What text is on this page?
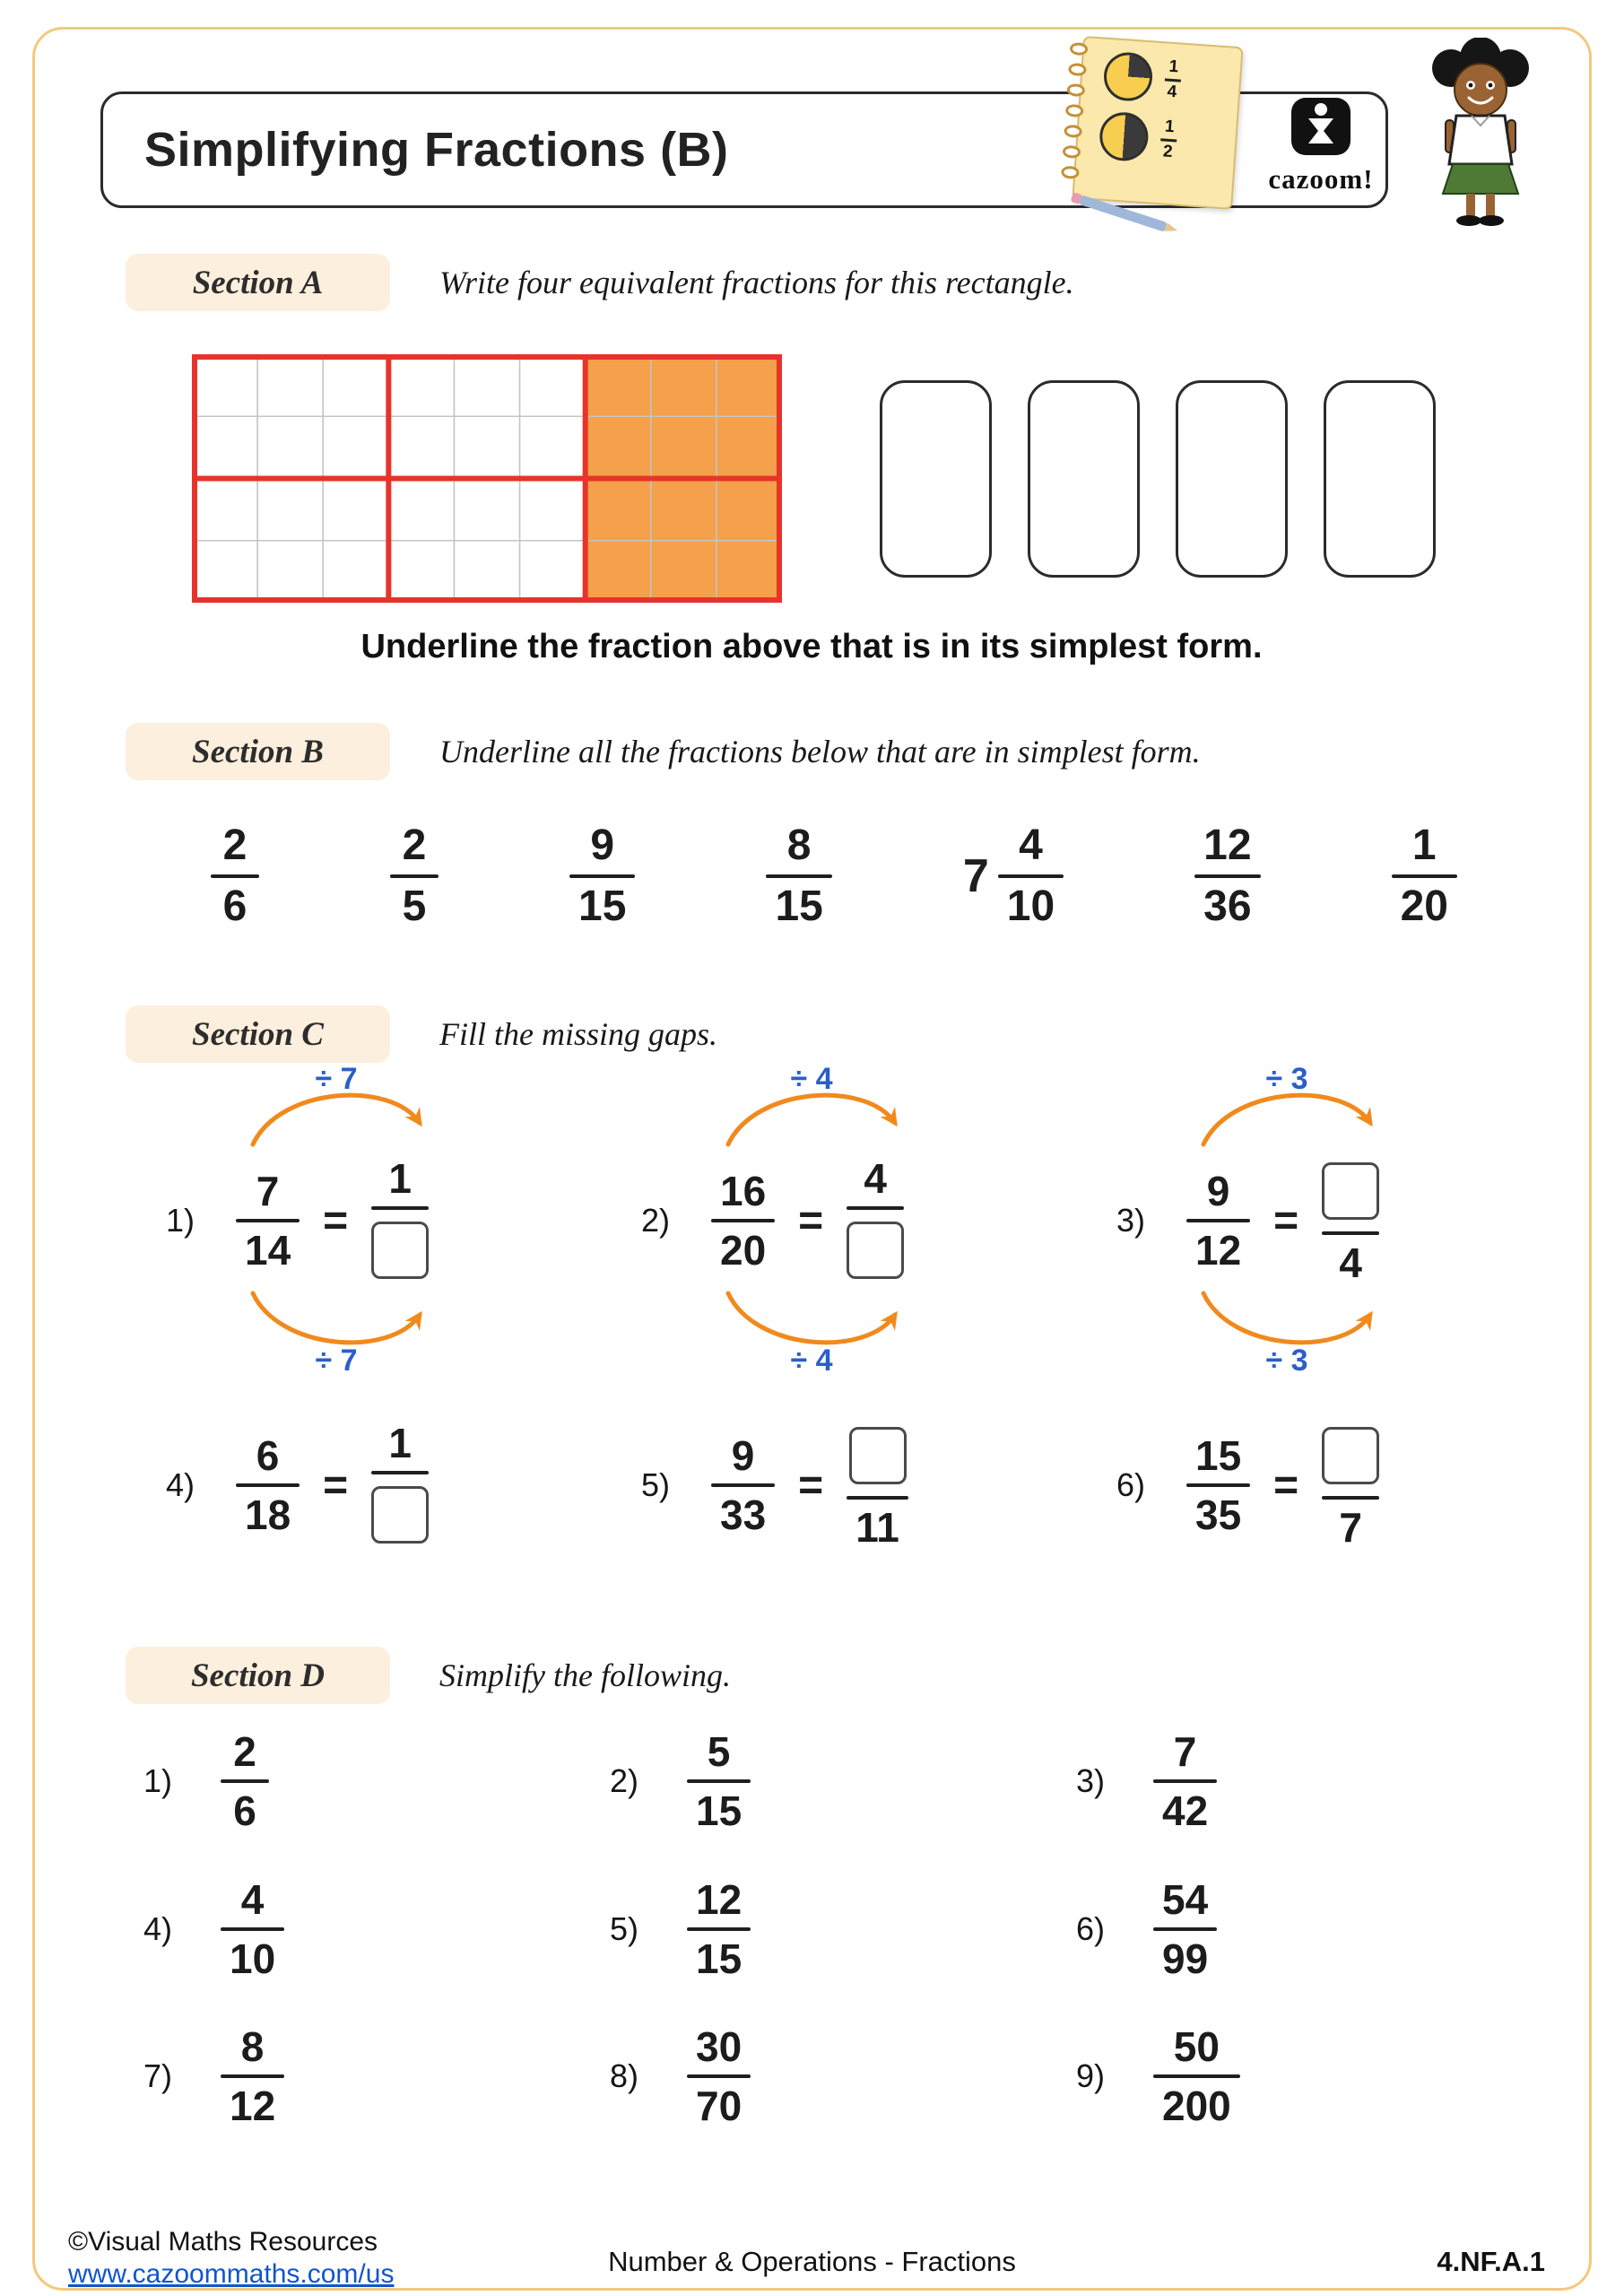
Simplifying Fractions (B)
1
4
1
2
cazoom!
Section A	Write four equivalent fractions for this rectangle.
Underline the fraction above that is in its simplest form.
Section B	Underline all the fractions below that are in simplest form.
$\frac{2}{6}$	$\frac{2}{5}$	$\frac{9}{15}$	$\frac{8}{15}$	$7 \frac{4}{10}$	$\frac{12}{36}$	$\frac{1}{20}$
Section C	Fill the missing gaps.
÷ 7
$1) \frac{7}{14}$ =
1
÷ 7
÷ 4
$2) \frac{16}{20}$ =
4
÷ 4
÷ 3
$3) \frac{9}{12}$ =
4
÷ 3
$4) \frac{6}{18}$ =
1
$5) \frac{9}{33}$ =
11
$6) \frac{15}{35}$ =
7
Section D	Simplify the following.
1)	$\frac{2}{6}$	2)	$\frac{5}{15}$	3)	$\frac{7}{42}$
4)	$\frac{4}{10}$	5)	$\frac{12}{15}$	6)	$\frac{54}{99}$
7)	$\frac{8}{12}$	8)	$\frac{30}{70}$	9)	$\frac{50}{200}$
©Visual Maths Resources
www.cazoommaths.com/us	Number & Operations - Fractions	4.NF.A.1
